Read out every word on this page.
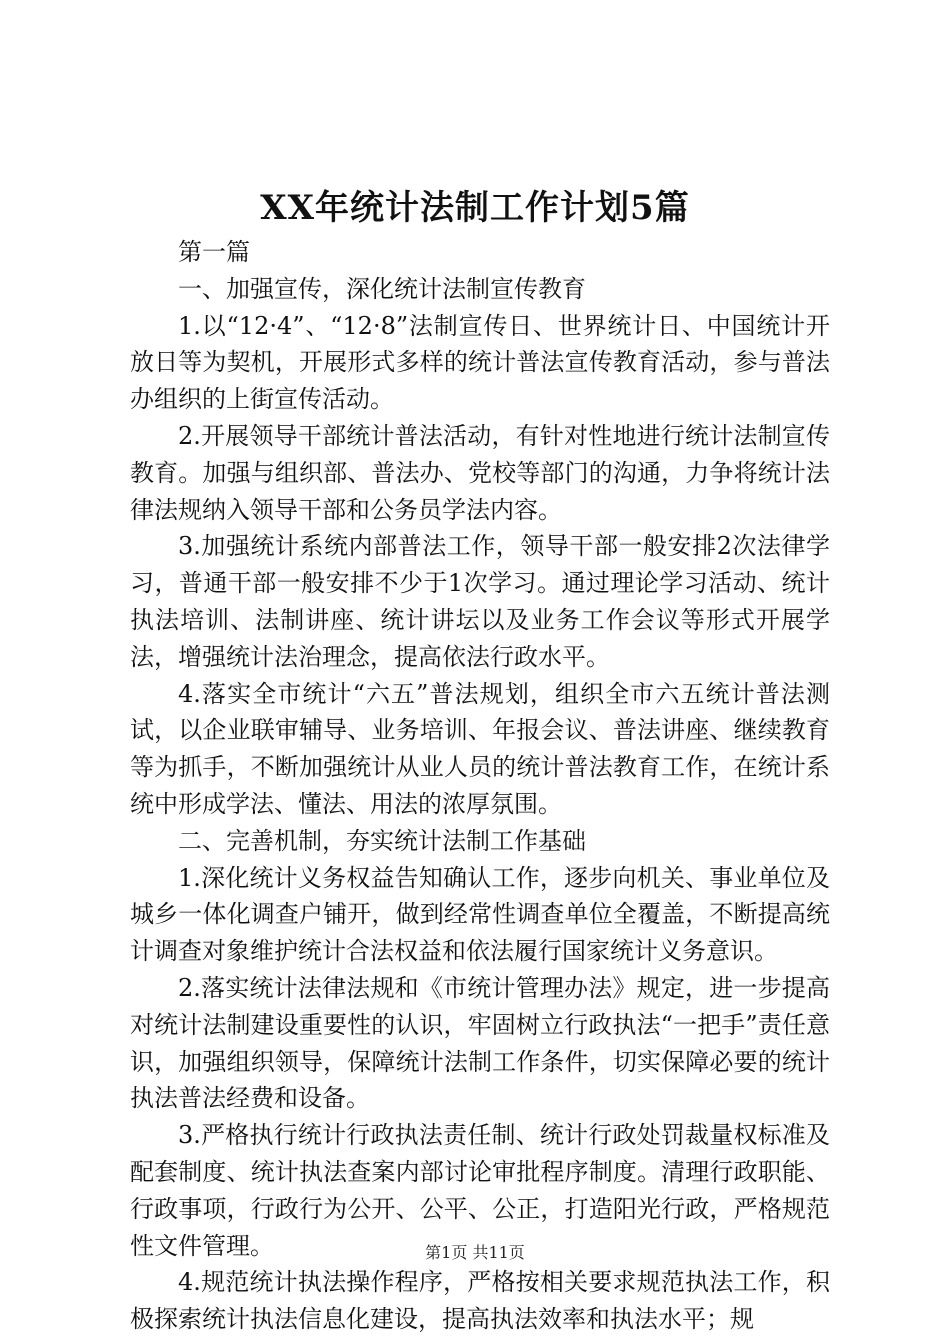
XX年统计法制工作计划5篇

第一篇

一、加强宣传，深化统计法制宣传教育

1.以“12·4”、“12·8”法制宣传日、世界统计日、中国统计开放日等为契机，开展形式多样的统计普法宣传教育活动，参与普法办组织的上街宣传活动。

2.开展领导干部统计普法活动，有针对性地进行统计法制宣传教育。加强与组织部、普法办、党校等部门的沟通，力争将统计法律法规纳入领导干部和公务员学法内容。

3.加强统计系统内部普法工作，领导干部一般安排2次法律学习，普通干部一般安排不少于1次学习。通过理论学习活动、统计执法培训、法制讲座、统计讲坛以及业务工作会议等形式开展学法，增强统计法治理念，提高依法行政水平。

4.落实全市统计“六五”普法规划，组织全市六五统计普法测试，以企业联审辅导、业务培训、年报会议、普法讲座、继续教育等为抓手，不断加强统计从业人员的统计普法教育工作，在统计系统中形成学法、懂法、用法的浓厚氛围。

二、完善机制，夯实统计法制工作基础

1.深化统计义务权益告知确认工作，逐步向机关、事业单位及城乡一体化调查户铺开，做到经常性调查单位全覆盖，不断提高统计调查对象维护统计合法权益和依法履行国家统计义务意识。

2.落实统计法律法规和《市统计管理办法》规定，进一步提高对统计法制建设重要性的认识，牢固树立行政执法“一把手”责任意识，加强组织领导，保障统计法制工作条件，切实保障必要的统计执法普法经费和设备。

3.严格执行统计行政执法责任制、统计行政处罚裁量权标准及配套制度、统计执法查案内部讨论审批程序制度。清理行政职能、行政事项，行政行为公开、公平、公正，打造阳光行政，严格规范性文件管理。

4.规范统计执法操作程序，严格按相关要求规范执法工作，积极探索统计执法信息化建设，提高执法效率和执法水平；规

第1页 共11页
